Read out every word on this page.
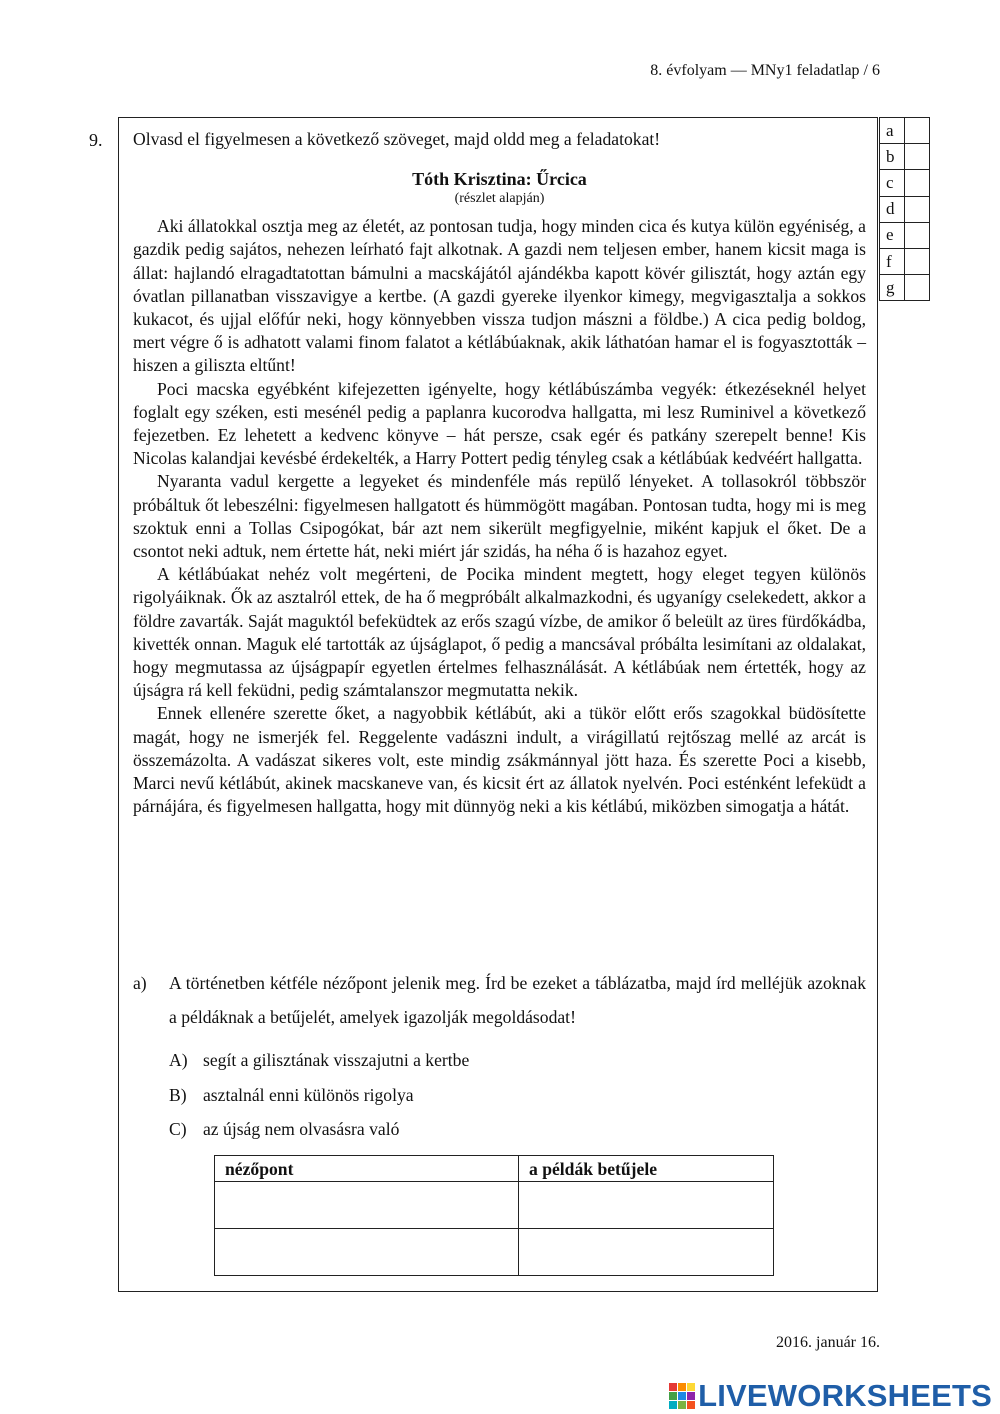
8. évfolyam — MNy1 feladatlap / 6
9.	a	
b	
c	
d	
e	
f	
g	

Olvasd el figyelmesen a következő szöveget, majd oldd meg a feladatokat!

Tóth Krisztina: Űrcica

(részlet alapján)

Aki állatokkal osztja meg az életét, az pontosan tudja, hogy minden cica és kutya külön egyéniség, a gazdik pedig sajátos, nehezen leírható fajt alkotnak. A gazdi nem teljesen ember, hanem kicsit maga is állat: hajlandó elragadtatottan bámulni a macskájától ajándékba kapott kövér gilisztát, hogy aztán egy óvatlan pillanatban visszavigye a kertbe. (A gazdi gyereke ilyenkor kimegy, megvigasztalja a sokkos kukacot, és ujjal előfúr neki, hogy könnyebben vissza tudjon mászni a földbe.) A cica pedig boldog, mert végre ő is adhatott valami finom falatot a kétlábúaknak, akik láthatóan hamar el is fogyasztották – hiszen a giliszta eltűnt!

Poci macska egyébként kifejezetten igényelte, hogy kétlábúszámba vegyék: étkezéseknél helyet foglalt egy széken, esti mesénél pedig a paplanra kucorodva hallgatta, mi lesz Ruminivel a következő fejezetben. Ez lehetett a kedvenc könyve – hát persze, csak egér és patkány szerepelt benne! Kis Nicolas kalandjai kevésbé érdekelték, a Harry Pottert pedig tényleg csak a kétlábúak kedvéért hallgatta.

Nyaranta vadul kergette a legyeket és mindenféle más repülő lényeket. A tollasokról többször próbáltuk őt lebeszélni: figyelmesen hallgatott és hümmögött magában. Pontosan tudta, hogy mi is meg szoktuk enni a Tollas Csipogókat, bár azt nem sikerült megfigyelnie, miként kapjuk el őket. De a csontot neki adtuk, nem értette hát, neki miért jár szidás, ha néha ő is hazahoz egyet.

A kétlábúakat nehéz volt megérteni, de Pocika mindent megtett, hogy eleget tegyen különös rigolyáiknak. Ők az asztalról ettek, de ha ő megpróbált alkalmazkodni, és ugyanígy cselekedett, akkor a földre zavarták. Saját maguktól befeküdtek az erős szagú vízbe, de amikor ő beleült az üres fürdőkádba, kivették onnan. Maguk elé tartották az újságlapot, ő pedig a mancsával próbálta lesimítani az oldalakat, hogy megmutassa az újságpapír egyetlen értelmes felhasználását. A kétlábúak nem értették, hogy az újságra rá kell feküdni, pedig számtalanszor megmutatta nekik.

Ennek ellenére szerette őket, a nagyobbik kétlábút, aki a tükör előtt erős szagokkal büdösítette magát, hogy ne ismerjék fel. Reggelente vadászni indult, a virágillatú rejtőszag mellé az arcát is összemázolta. A vadászat sikeres volt, este mindig zsákmánnyal jött haza. És szerette Poci a kisebb, Marci nevű kétlábút, akinek macskaneve van, és kicsit ért az állatok nyelvén. Poci esténként lefeküdt a párnájára, és figyelmesen hallgatta, hogy mit dünnyög neki a kis kétlábú, miközben simogatja a hátát.

a)	A történetben kétféle nézőpont jelenik meg. Írd be ezeket a táblázatba, majd írd melléjük azoknak a példáknak a betűjelét, amelyek igazolják megoldásodat!
A) segít a gilisztának visszajutni a kertbe
B) asztalnál enni különös rigolya
C) az újság nem olvasásra való
nézőpont	a példák betűjele

2016. január 16.
LIVEWORKSHEETS
